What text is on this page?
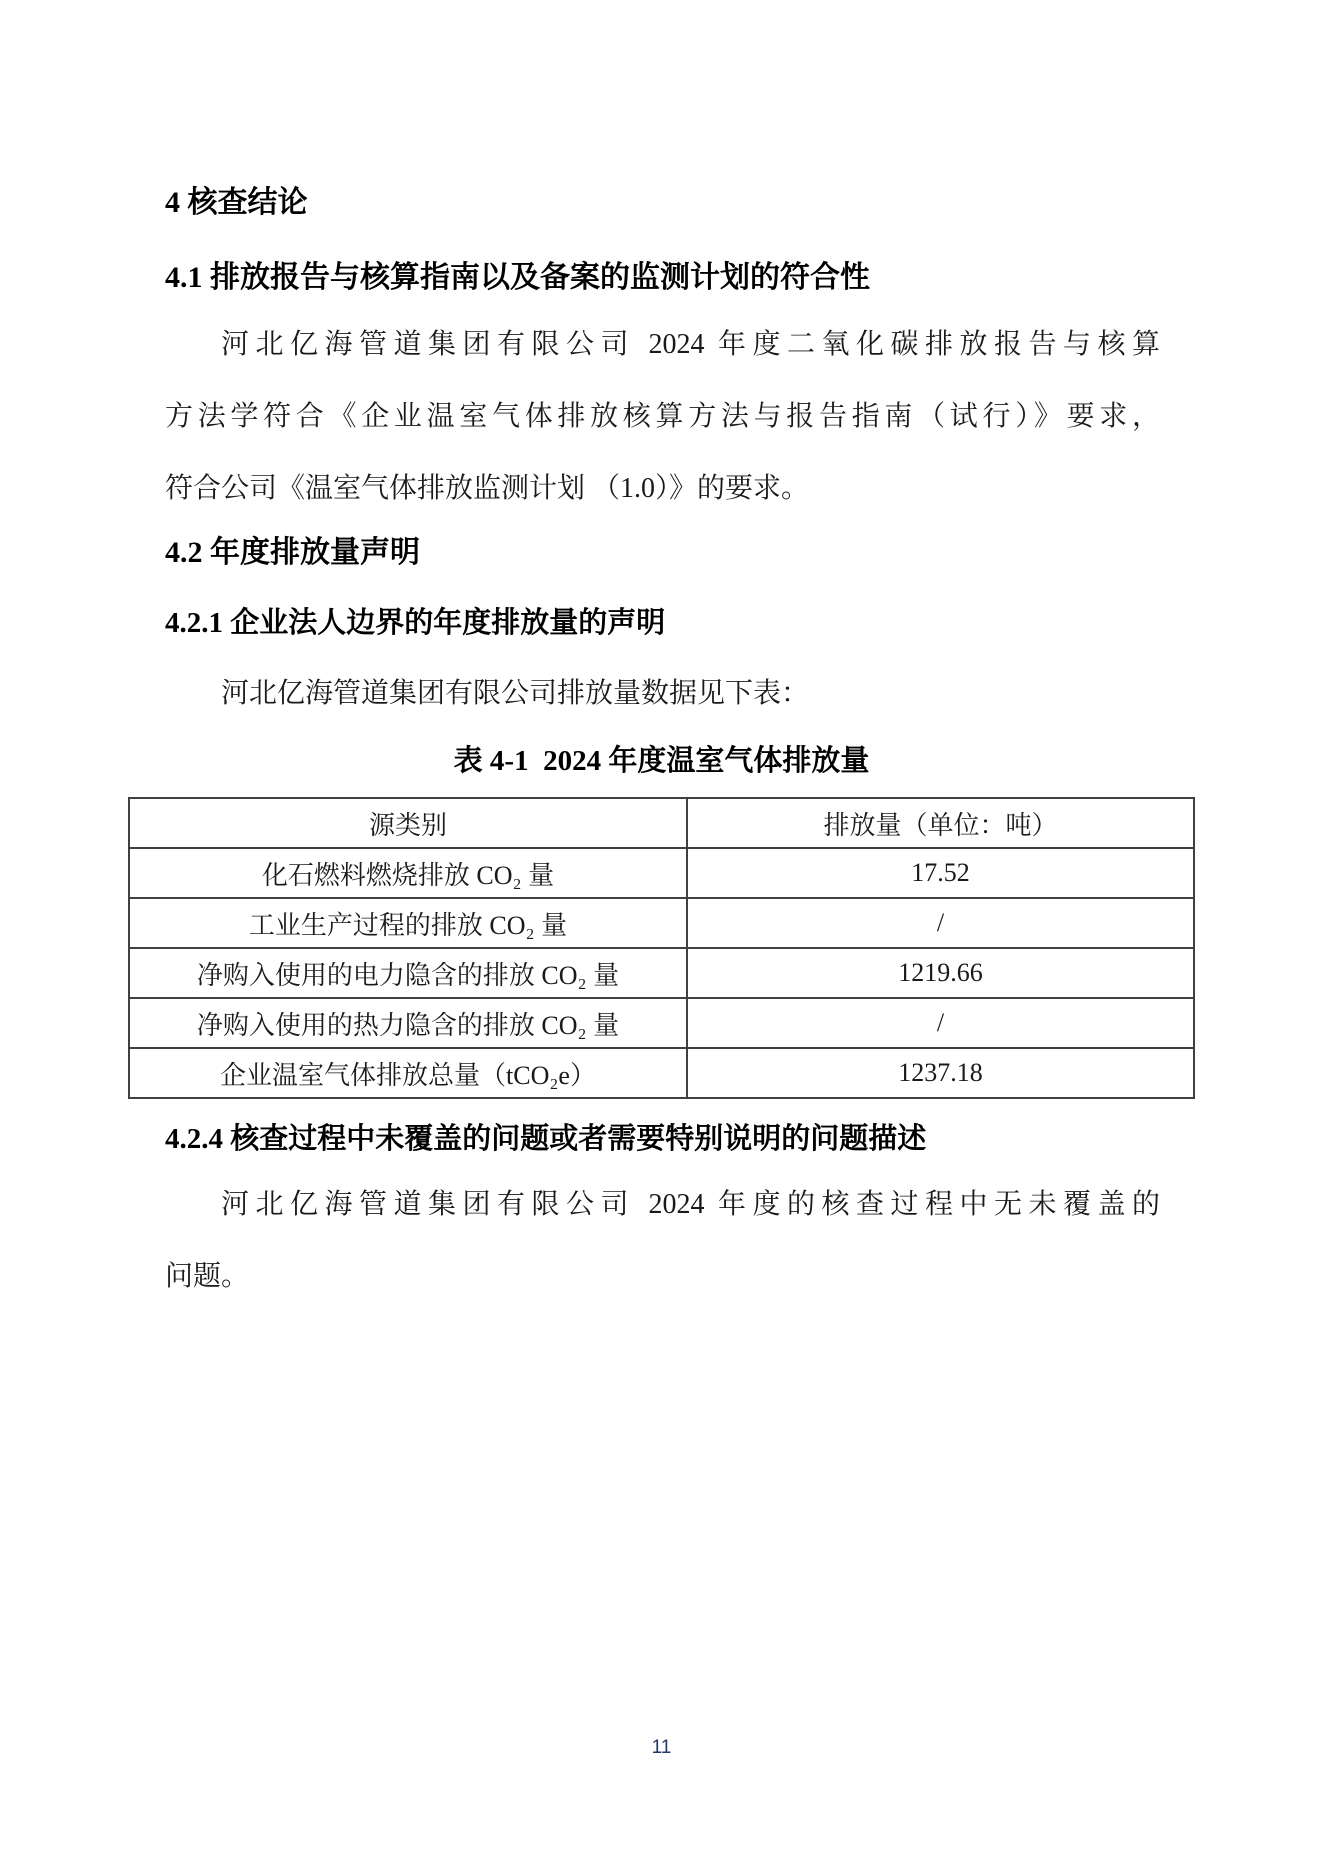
4 核查结论
4.1 排放报告与核算指南以及备案的监测计划的符合性
河北亿海管道集团有限公司 2024 年度二氧化碳排放报告与核算
方法学符合《企业温室气体排放核算方法与报告指南（试行）》要求，
符合公司《温室气体排放监测计划 （1.0）》的要求。
4.2 年度排放量声明
4.2.1 企业法人边界的年度排放量的声明
河北亿海管道集团有限公司排放量数据见下表：
表 4-1  2024 年度温室气体排放量
源类别	排放量（单位：吨）
化石燃料燃烧排放 CO₂ 量	17.52
工业生产过程的排放 CO₂ 量	/
净购入使用的电力隐含的排放 CO₂ 量	1219.66
净购入使用的热力隐含的排放 CO₂ 量	/
企业温室气体排放总量（tCO₂e）	1237.18
4.2.4 核查过程中未覆盖的问题或者需要特别说明的问题描述
河北亿海管道集团有限公司 2024 年度的核查过程中无未覆盖的
问题。
11
